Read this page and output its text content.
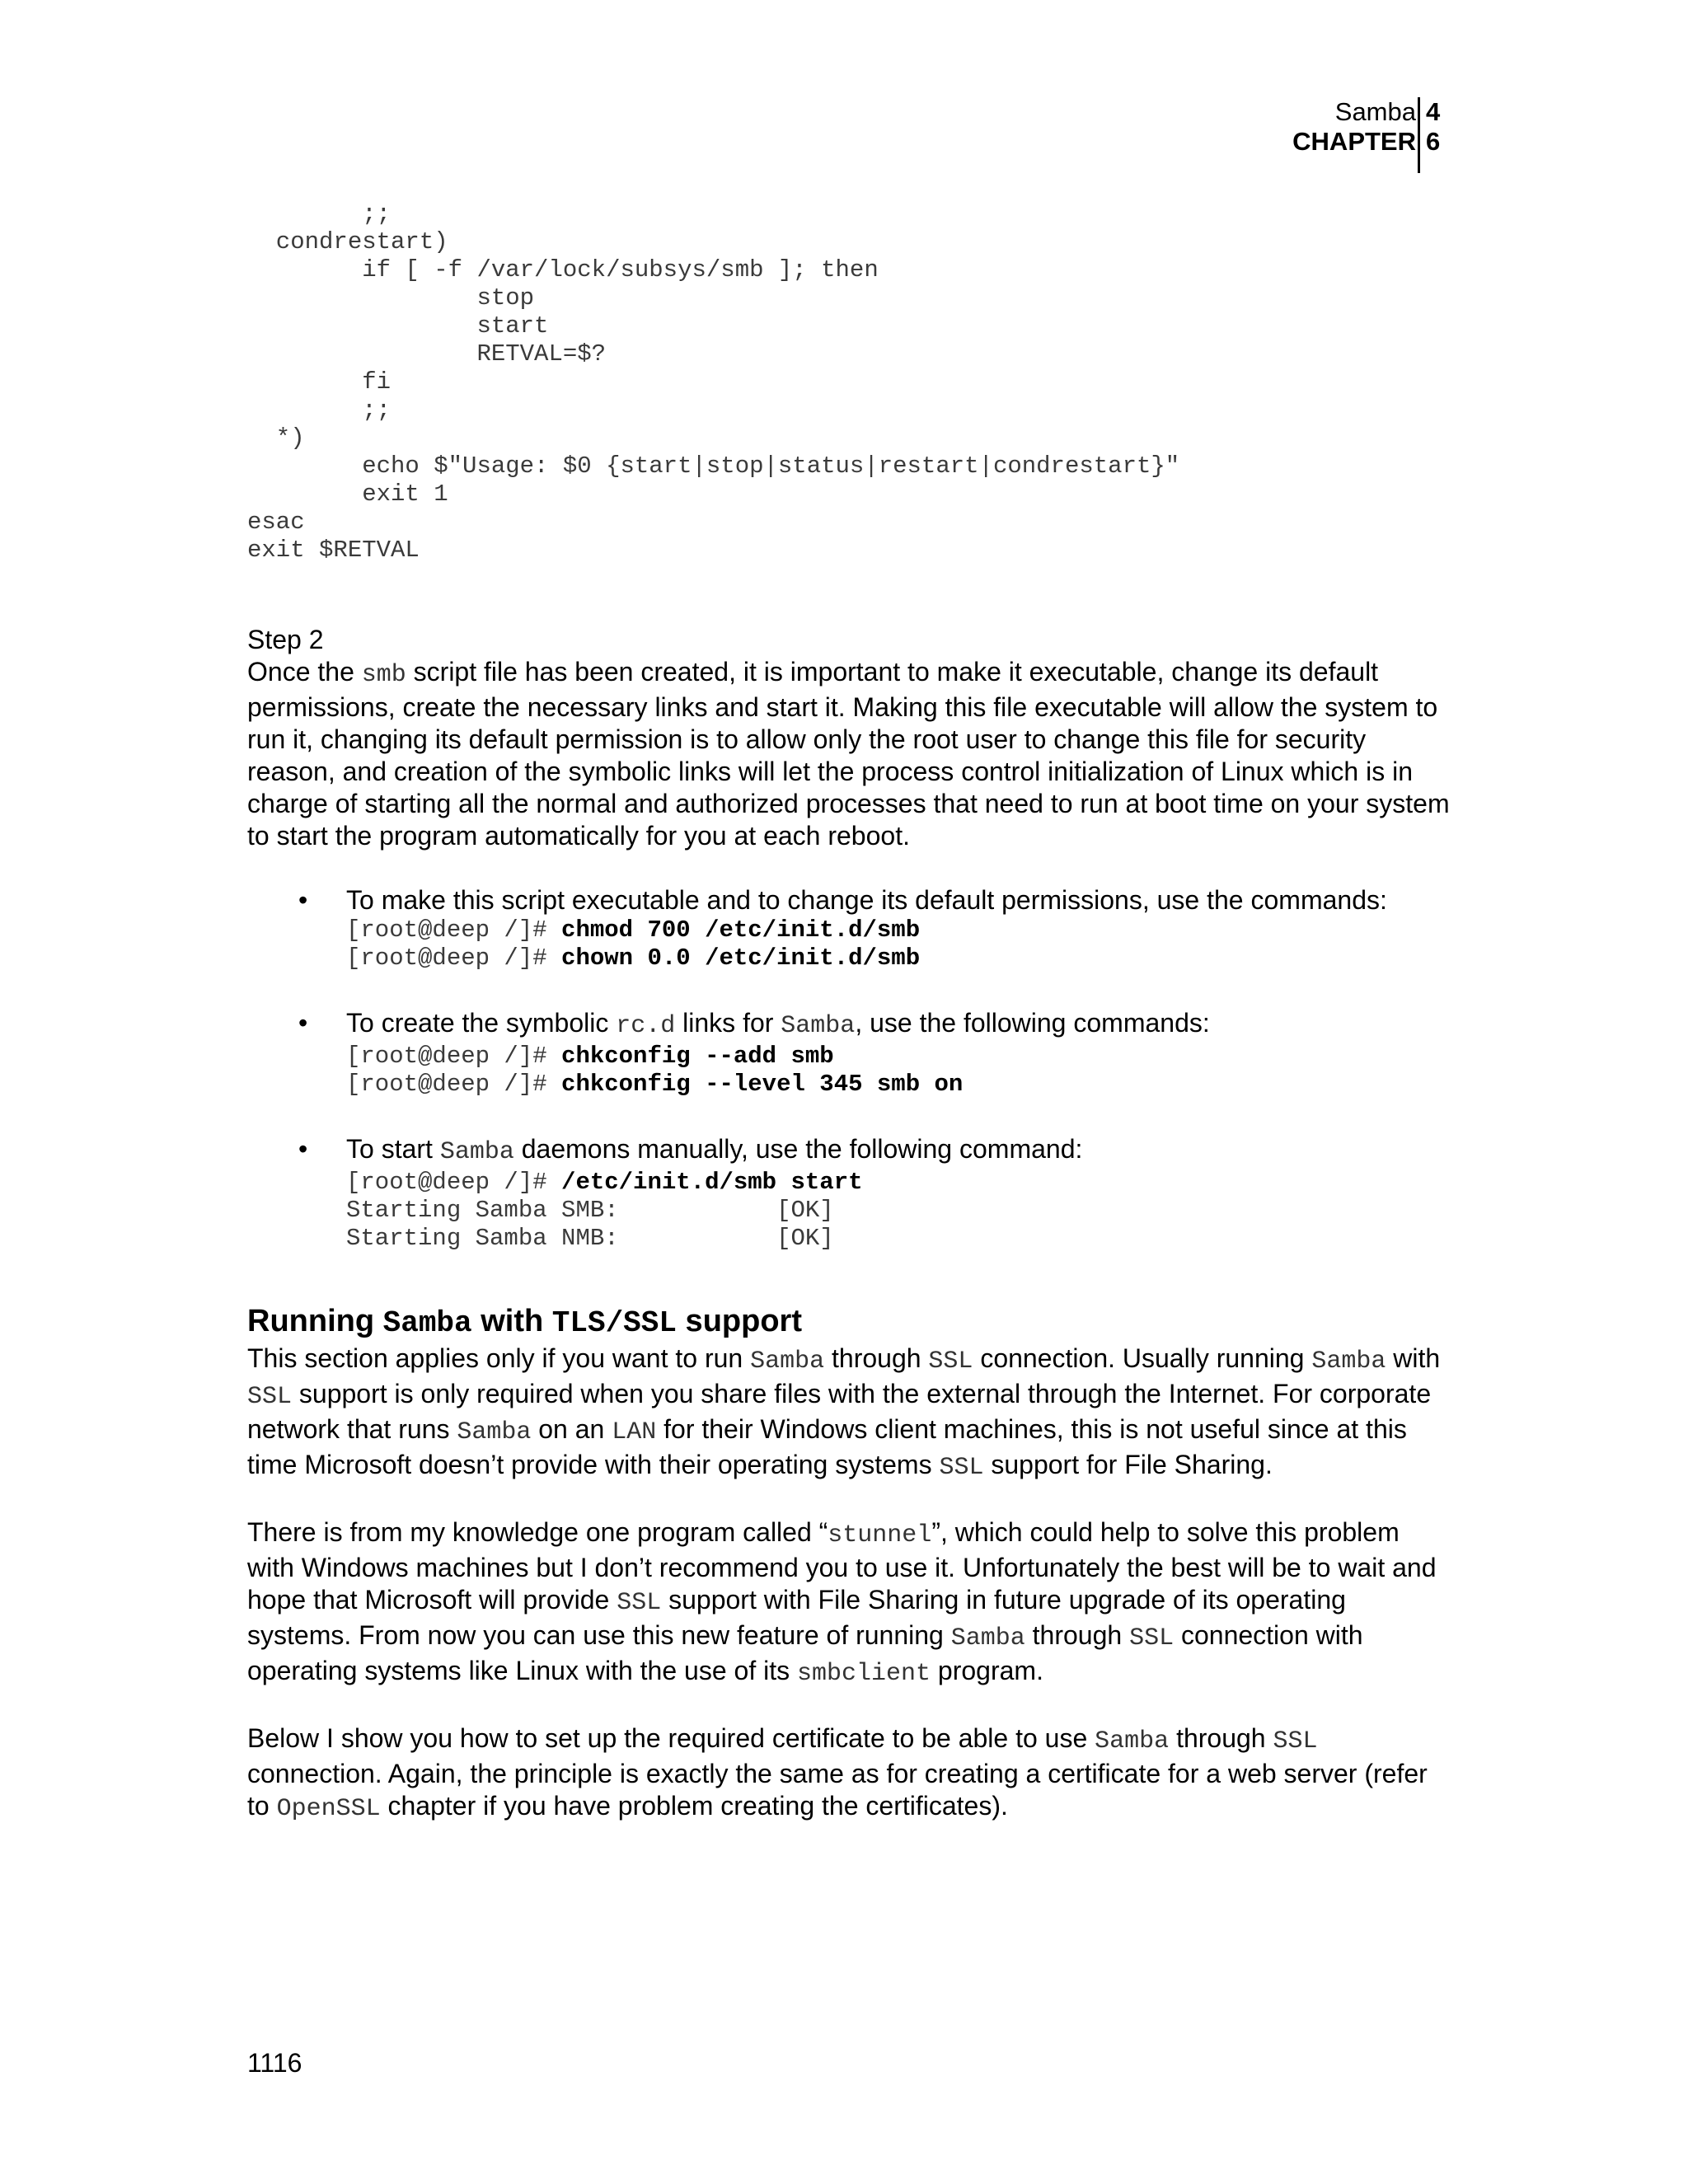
Samba
CHAPTER
4
6
;;
condrestart)
if [ -f /var/lock/subsys/smb ]; then
stop
start
RETVAL=$?
fi
;;
*)
echo $"Usage: $0 {start|stop|status|restart|condrestart}"
exit 1
esac
exit $RETVAL

Step 2

Once the smb script file has been created, it is important to make it executable, change its default permissions, create the necessary links and start it. Making this file executable will allow the system to run it, changing its default permission is to allow only the root user to change this file for security reason, and creation of the symbolic links will let the process control initialization of Linux which is in charge of starting all the normal and authorized processes that need to run at boot time on your system to start the program automatically for you at each reboot.

• To make this script executable and to change its default permissions, use the commands:
[root@deep /]# chmod 700 /etc/init.d/smb
[root@deep /]# chown 0.0 /etc/init.d/smb
• To create the symbolic rc.d links for Samba, use the following commands:
[root@deep /]# chkconfig --add smb
[root@deep /]# chkconfig --level 345 smb on
• To start Samba daemons manually, use the following command:
[root@deep /]# /etc/init.d/smb start
Starting Samba SMB:           [OK]
Starting Samba NMB:           [OK]
Running Samba with TLS/SSL support

This section applies only if you want to run Samba through SSL connection. Usually running Samba with SSL support is only required when you share files with the external through the Internet. For corporate network that runs Samba on an LAN for their Windows client machines, this is not useful since at this time Microsoft doesn’t provide with their operating systems SSL support for File Sharing.

There is from my knowledge one program called “stunnel”, which could help to solve this problem with Windows machines but I don’t recommend you to use it. Unfortunately the best will be to wait and hope that Microsoft will provide SSL support with File Sharing in future upgrade of its operating systems. From now you can use this new feature of running Samba through SSL connection with operating systems like Linux with the use of its smbclient program.

Below I show you how to set up the required certificate to be able to use Samba through SSL connection. Again, the principle is exactly the same as for creating a certificate for a web server (refer to OpenSSL chapter if you have problem creating the certificates).

1116
